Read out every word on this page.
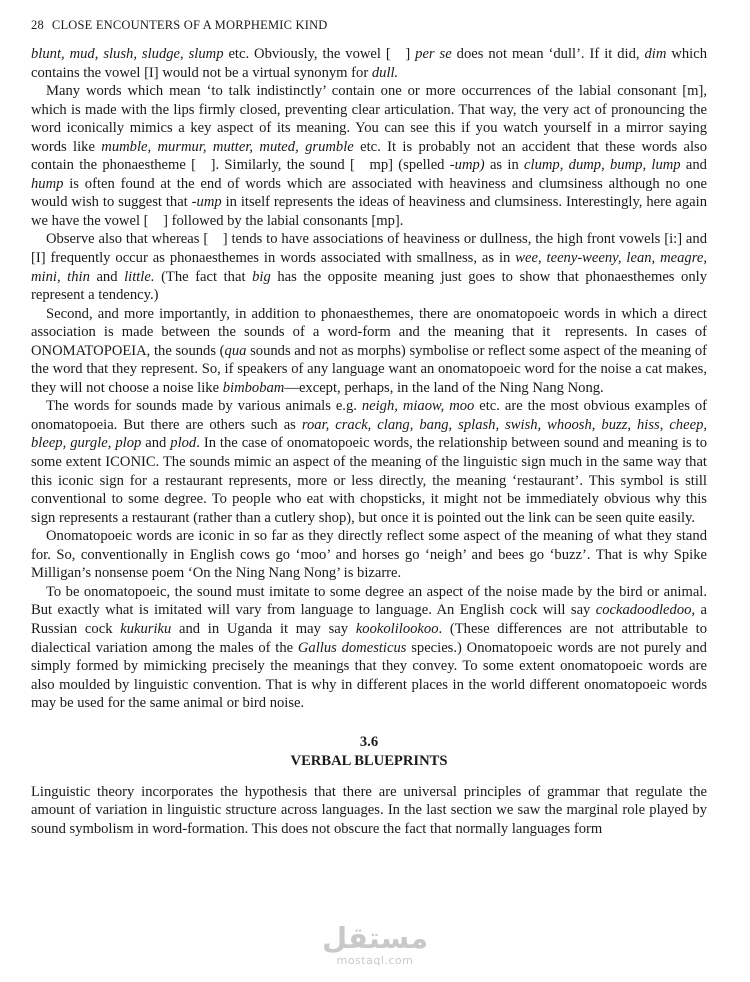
28 CLOSE ENCOUNTERS OF A MORPHEMIC KIND

blunt, mud, slush, sludge, slump etc. Obviously, the vowel [ ] per se does not mean ‘dull’. If it did, dim which contains the vowel [I] would not be a virtual synonym for dull.

Many words which mean ‘to talk indistinctly’ contain one or more occurrences of the labial consonant [m], which is made with the lips firmly closed, preventing clear articulation. That way, the very act of pronouncing the word iconically mimics a key aspect of its meaning. You can see this if you watch yourself in a mirror saying words like mumble, murmur, mutter, muted, grumble etc. It is probably not an accident that these words also contain the phonaestheme [ ]. Similarly, the sound [ mp] (spelled -ump) as in clump, dump, bump, lump and hump is often found at the end of words which are associated with heaviness and clumsiness although no one would wish to suggest that -ump in itself represents the ideas of heaviness and clumsiness. Interestingly, here again we have the vowel [ ] followed by the labial consonants [mp].

Observe also that whereas [ ] tends to have associations of heaviness or dullness, the high front vowels [i:] and [I] frequently occur as phonaesthemes in words associated with smallness, as in wee, teeny-weeny, lean, meagre, mini, thin and little. (The fact that big has the opposite meaning just goes to show that phonaesthemes only represent a tendency.)

Second, and more importantly, in addition to phonaesthemes, there are onomatopoeic words in which a direct association is made between the sounds of a word-form and the meaning that it represents. In cases of ONOMATOPOEIA, the sounds (qua sounds and not as morphs) symbolise or reflect some aspect of the meaning of the word that they represent. So, if speakers of any language want an onomatopoeic word for the noise a cat makes, they will not choose a noise like bimbobam—except, perhaps, in the land of the Ning Nang Nong.

The words for sounds made by various animals e.g. neigh, miaow, moo etc. are the most obvious examples of onomatopoeia. But there are others such as roar, crack, clang, bang, splash, swish, whoosh, buzz, hiss, cheep, bleep, gurgle, plop and plod. In the case of onomatopoeic words, the relationship between sound and meaning is to some extent ICONIC. The sounds mimic an aspect of the meaning of the linguistic sign much in the same way that this iconic sign for a restaurant represents, more or less directly, the meaning ‘restaurant’. This symbol is still conventional to some degree. To people who eat with chopsticks, it might not be immediately obvious why this sign represents a restaurant (rather than a cutlery shop), but once it is pointed out the link can be seen quite easily.

Onomatopoeic words are iconic in so far as they directly reflect some aspect of the meaning of what they stand for. So, conventionally in English cows go ‘moo’ and horses go ‘neigh’ and bees go ‘buzz’. That is why Spike Milligan’s nonsense poem ‘On the Ning Nang Nong’ is bizarre.

To be onomatopoeic, the sound must imitate to some degree an aspect of the noise made by the bird or animal. But exactly what is imitated will vary from language to language. An English cock will say cockadoodledoo, a Russian cock kukuriku and in Uganda it may say kookolilookoo. (These differences are not attributable to dialectical variation among the males of the Gallus domesticus species.) Onomatopoeic words are not purely and simply formed by mimicking precisely the meanings that they convey. To some extent onomatopoeic words are also moulded by linguistic convention. That is why in different places in the world different onomatopoeic words may be used for the same animal or bird noise.

3.6
VERBAL BLUEPRINTS

Linguistic theory incorporates the hypothesis that there are universal principles of grammar that regulate the amount of variation in linguistic structure across languages. In the last section we saw the marginal role played by sound symbolism in word-formation. This does not obscure the fact that normally languages form

مستقل
mostaql.com
